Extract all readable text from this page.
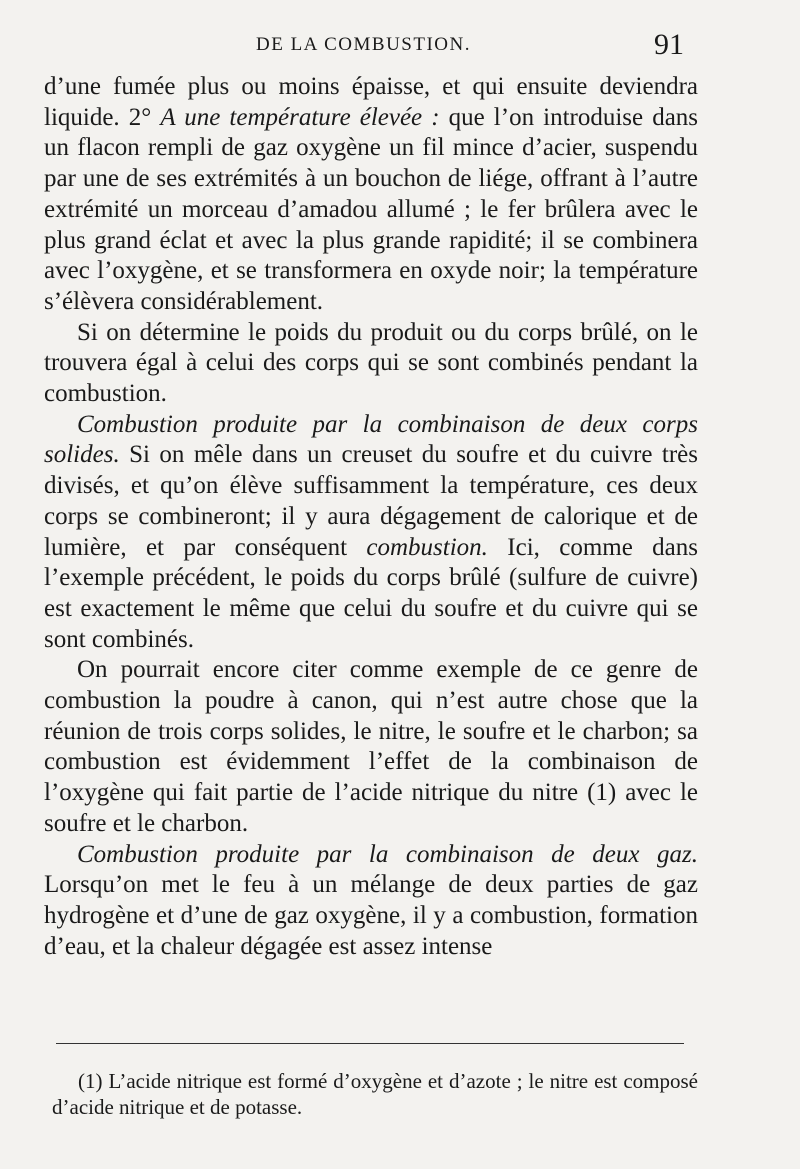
DE LA COMBUSTION.	91

d’une fumée plus ou moins épaisse, et qui ensuite deviendra liquide. 2° A une température élevée : que l’on introduise dans un flacon rempli de gaz oxygène un fil mince d’acier, suspendu par une de ses extrémités à un bouchon de liége, offrant à l’autre extrémité un morceau d’amadou allumé ; le fer brûlera avec le plus grand éclat et avec la plus grande rapidité; il se combinera avec l’oxygène, et se transformera en oxyde noir; la température s’élèvera considérablement.

Si on détermine le poids du produit ou du corps brûlé, on le trouvera égal à celui des corps qui se sont combinés pendant la combustion.

Combustion produite par la combinaison de deux corps solides. Si on mêle dans un creuset du soufre et du cuivre très divisés, et qu’on élève suffisamment la température, ces deux corps se combineront; il y aura dégagement de calorique et de lumière, et par conséquent combustion. Ici, comme dans l’exemple précédent, le poids du corps brûlé (sulfure de cuivre) est exactement le même que celui du soufre et du cuivre qui se sont combinés.

On pourrait encore citer comme exemple de ce genre de combustion la poudre à canon, qui n’est autre chose que la réunion de trois corps solides, le nitre, le soufre et le charbon; sa combustion est évidemment l’effet de la combinaison de l’oxygène qui fait partie de l’acide nitrique du nitre (1) avec le soufre et le charbon.

Combustion produite par la combinaison de deux gaz. Lorsqu’on met le feu à un mélange de deux parties de gaz hydrogène et d’une de gaz oxygène, il y a combustion, formation d’eau, et la chaleur dégagée est assez intense

(1) L’acide nitrique est formé d’oxygène et d’azote ; le nitre est composé d’acide nitrique et de potasse.
